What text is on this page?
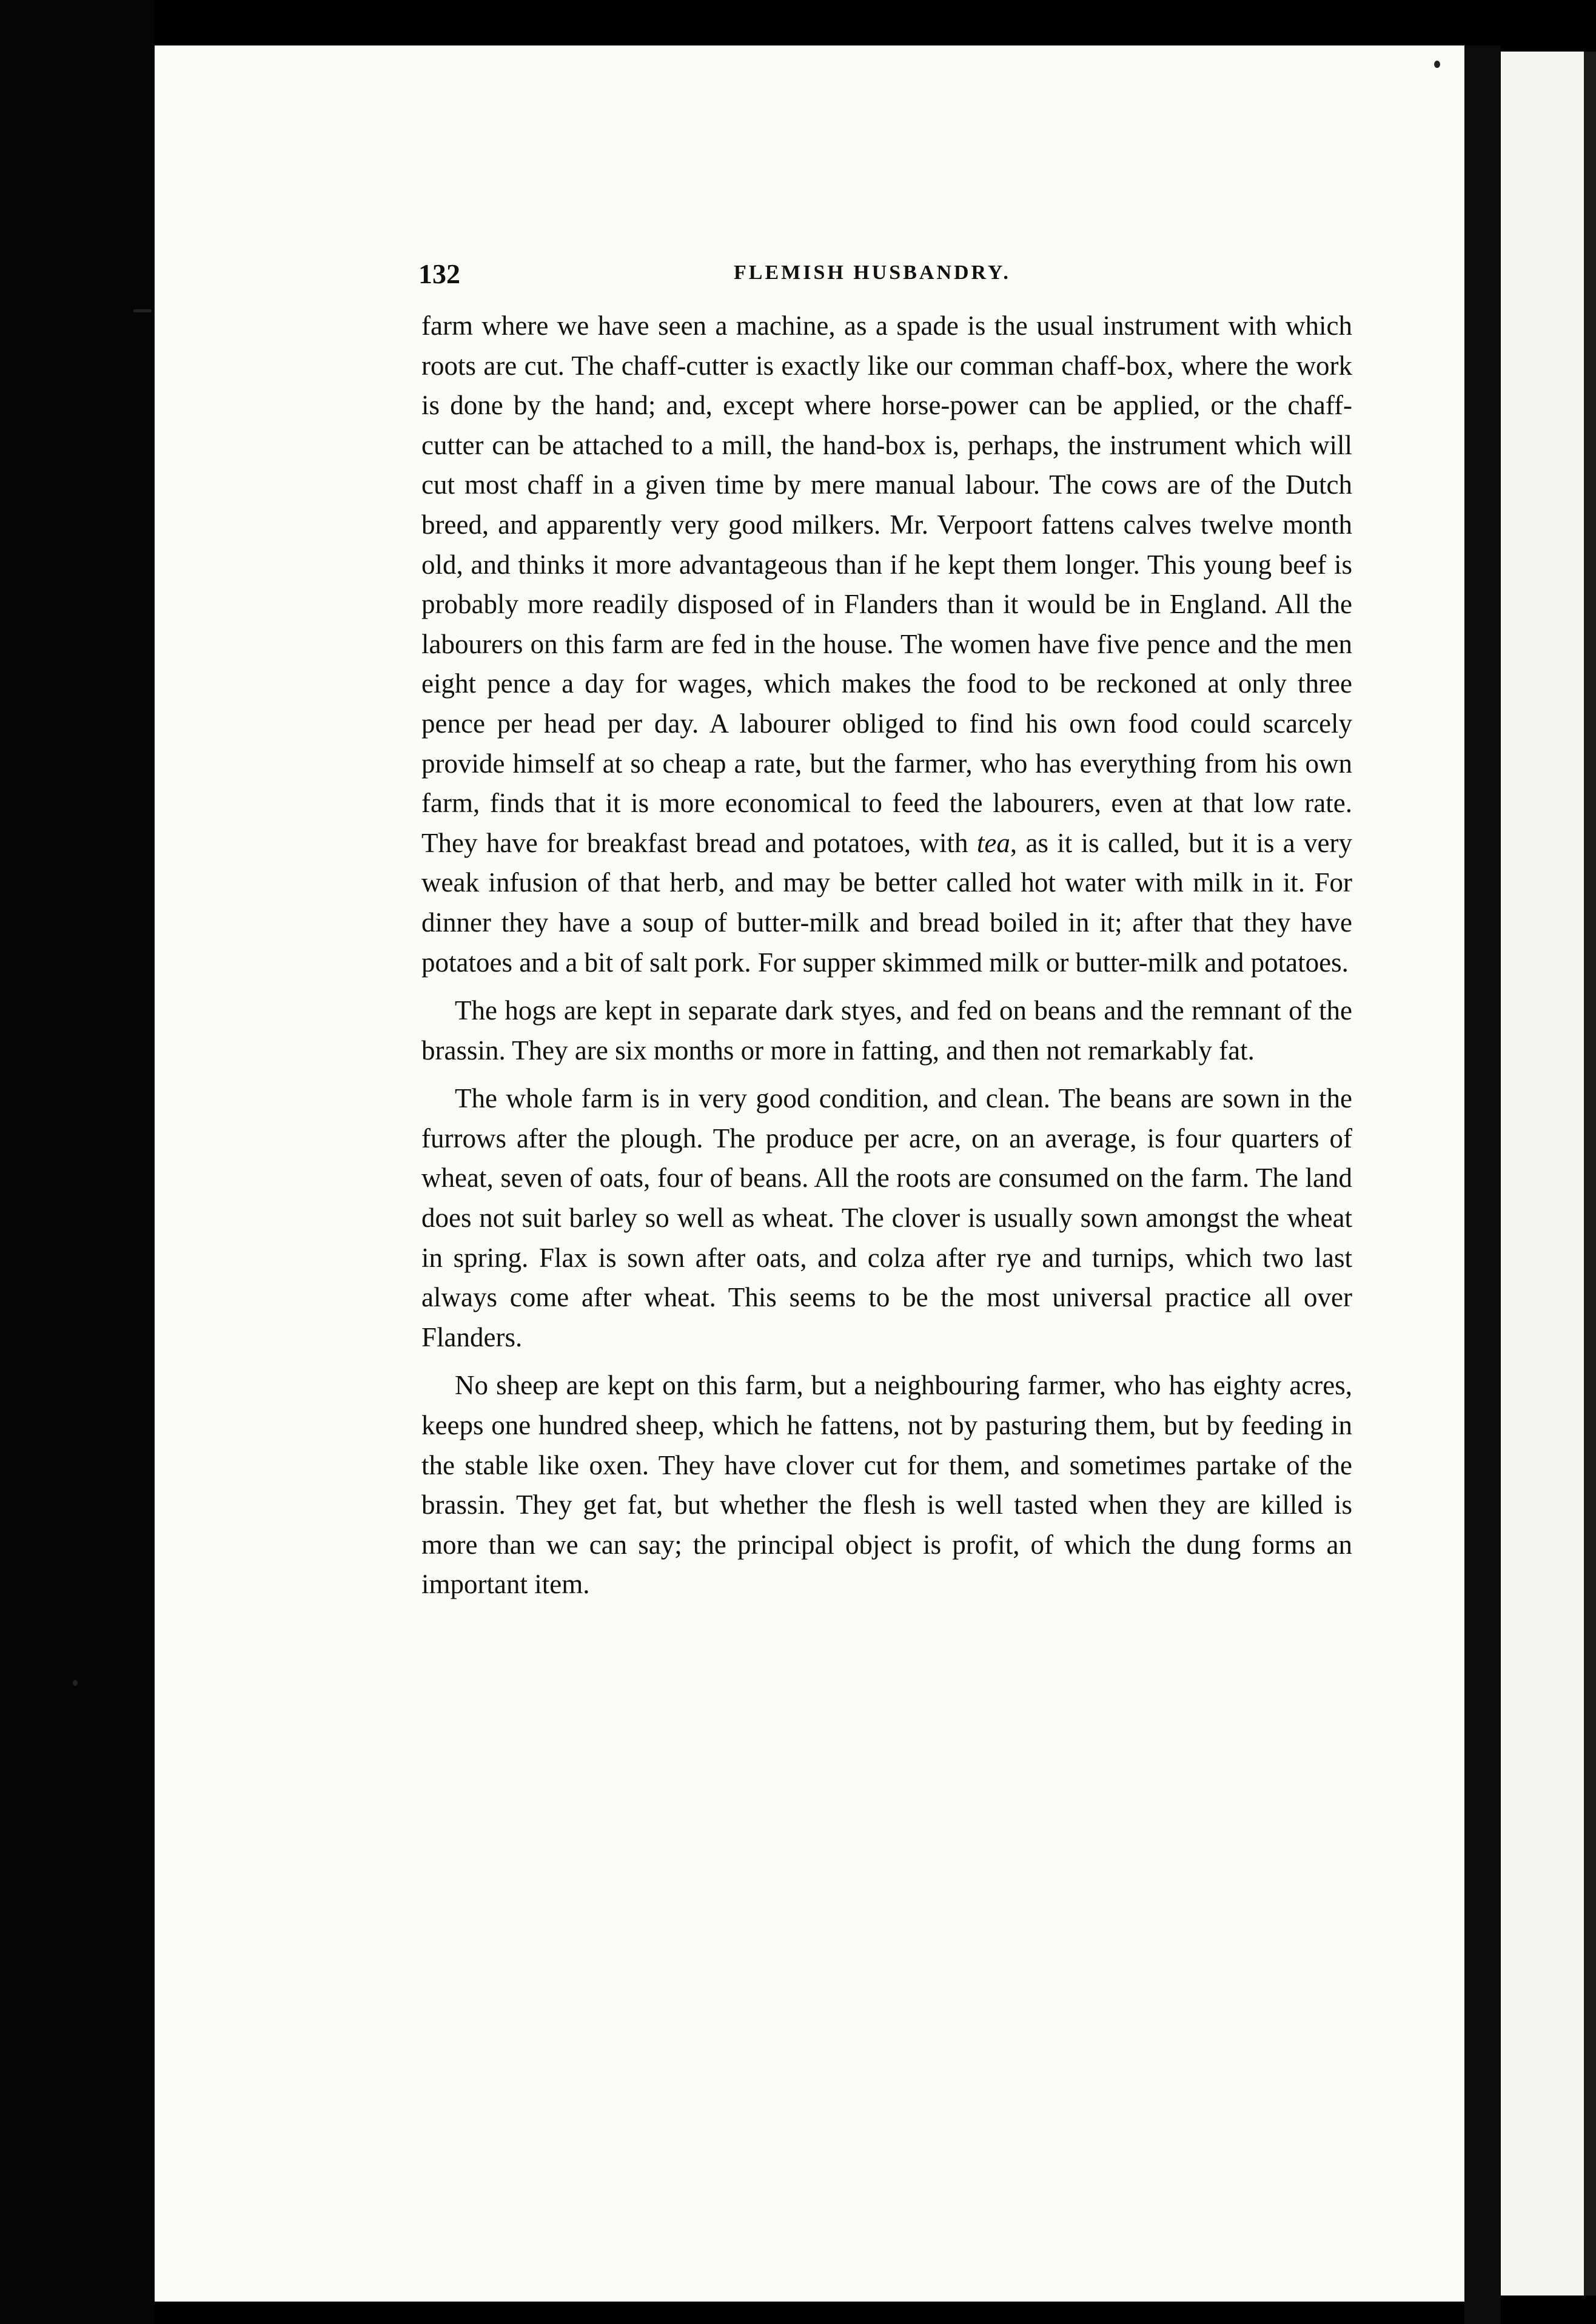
132	FLEMISH HUSBANDRY.

farm where we have seen a machine, as a spade is the usual instrument with which roots are cut. The chaff-cutter is exactly like our comman chaff-box, where the work is done by the hand; and, except where horse-power can be applied, or the chaff-cutter can be attached to a mill, the hand-box is, perhaps, the instrument which will cut most chaff in a given time by mere manual labour. The cows are of the Dutch breed, and apparently very good milkers. Mr. Verpoort fattens calves twelve month old, and thinks it more advantageous than if he kept them longer. This young beef is probably more readily disposed of in Flanders than it would be in England. All the labourers on this farm are fed in the house. The women have five pence and the men eight pence a day for wages, which makes the food to be reckoned at only three pence per head per day. A labourer obliged to find his own food could scarcely provide himself at so cheap a rate, but the farmer, who has everything from his own farm, finds that it is more economical to feed the labourers, even at that low rate. They have for breakfast bread and potatoes, with tea, as it is called, but it is a very weak infusion of that herb, and may be better called hot water with milk in it. For dinner they have a soup of butter-milk and bread boiled in it; after that they have potatoes and a bit of salt pork. For supper skimmed milk or butter-milk and potatoes.

The hogs are kept in separate dark styes, and fed on beans and the remnant of the brassin. They are six months or more in fatting, and then not remarkably fat.

The whole farm is in very good condition, and clean. The beans are sown in the furrows after the plough. The produce per acre, on an average, is four quarters of wheat, seven of oats, four of beans. All the roots are consumed on the farm. The land does not suit barley so well as wheat. The clover is usually sown amongst the wheat in spring. Flax is sown after oats, and colza after rye and turnips, which two last always come after wheat. This seems to be the most universal practice all over Flanders.

No sheep are kept on this farm, but a neighbouring farmer, who has eighty acres, keeps one hundred sheep, which he fattens, not by pasturing them, but by feeding in the stable like oxen. They have clover cut for them, and sometimes partake of the brassin. They get fat, but whether the flesh is well tasted when they are killed is more than we can say; the principal object is profit, of which the dung forms an important item.
